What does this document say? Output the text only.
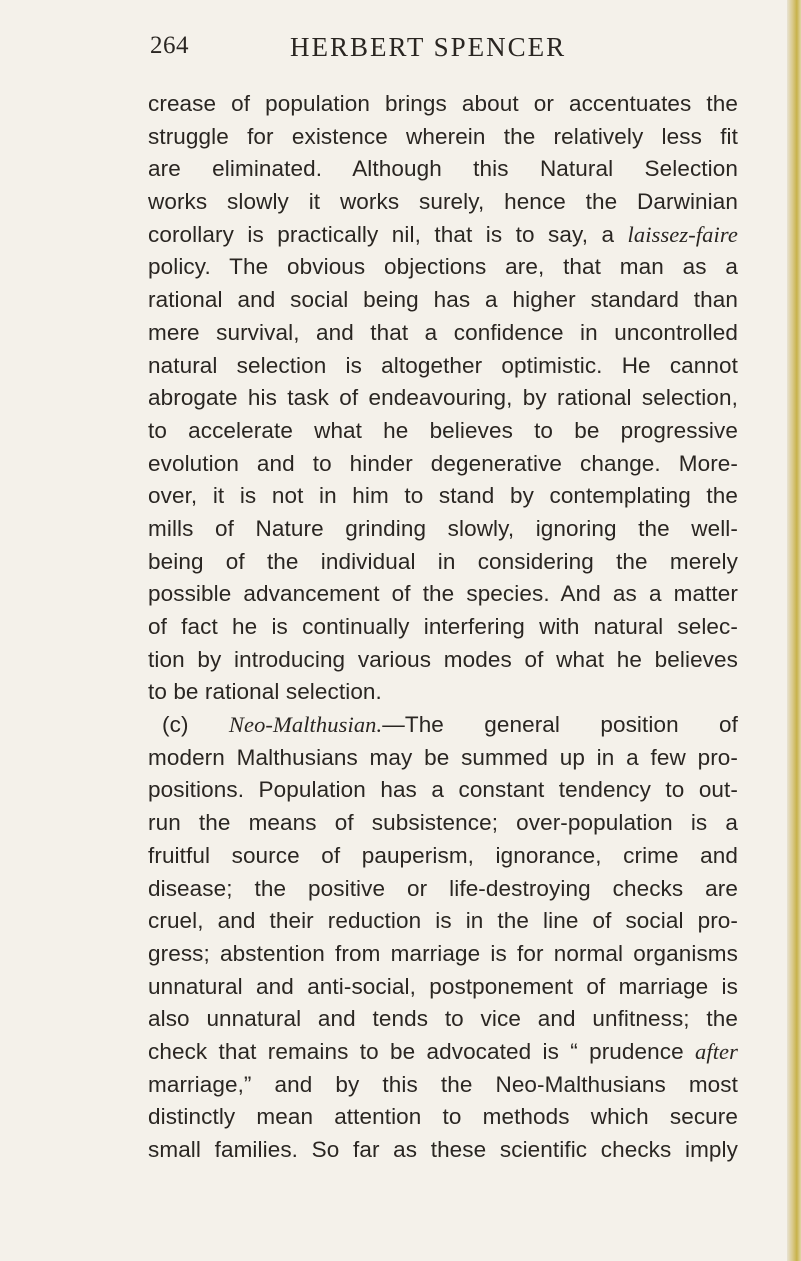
264	HERBERT SPENCER
crease of population brings about or accentuates the
struggle for existence wherein the relatively less fit
are eliminated. Although this Natural Selection
works slowly it works surely, hence the Darwinian
corollary is practically nil, that is to say, a laissez-faire
policy. The obvious objections are, that man as a
rational and social being has a higher standard than
mere survival, and that a confidence in uncontrolled
natural selection is altogether optimistic. He cannot
abrogate his task of endeavouring, by rational selection,
to accelerate what he believes to be progressive
evolution and to hinder degenerative change. More-
over, it is not in him to stand by contemplating the
mills of Nature grinding slowly, ignoring the well-
being of the individual in considering the merely
possible advancement of the species. And as a matter
of fact he is continually interfering with natural selec-
tion by introducing various modes of what he believes
to be rational selection.
(c) Neo-Malthusian.—The general position of
modern Malthusians may be summed up in a few pro-
positions. Population has a constant tendency to out-
run the means of subsistence; over-population is a
fruitful source of pauperism, ignorance, crime and
disease; the positive or life-destroying checks are
cruel, and their reduction is in the line of social pro-
gress; abstention from marriage is for normal organisms
unnatural and anti-social, postponement of marriage is
also unnatural and tends to vice and unfitness; the
check that remains to be advocated is “ prudence after
marriage,” and by this the Neo-Malthusians most
distinctly mean attention to methods which secure
small families. So far as these scientific checks imply
